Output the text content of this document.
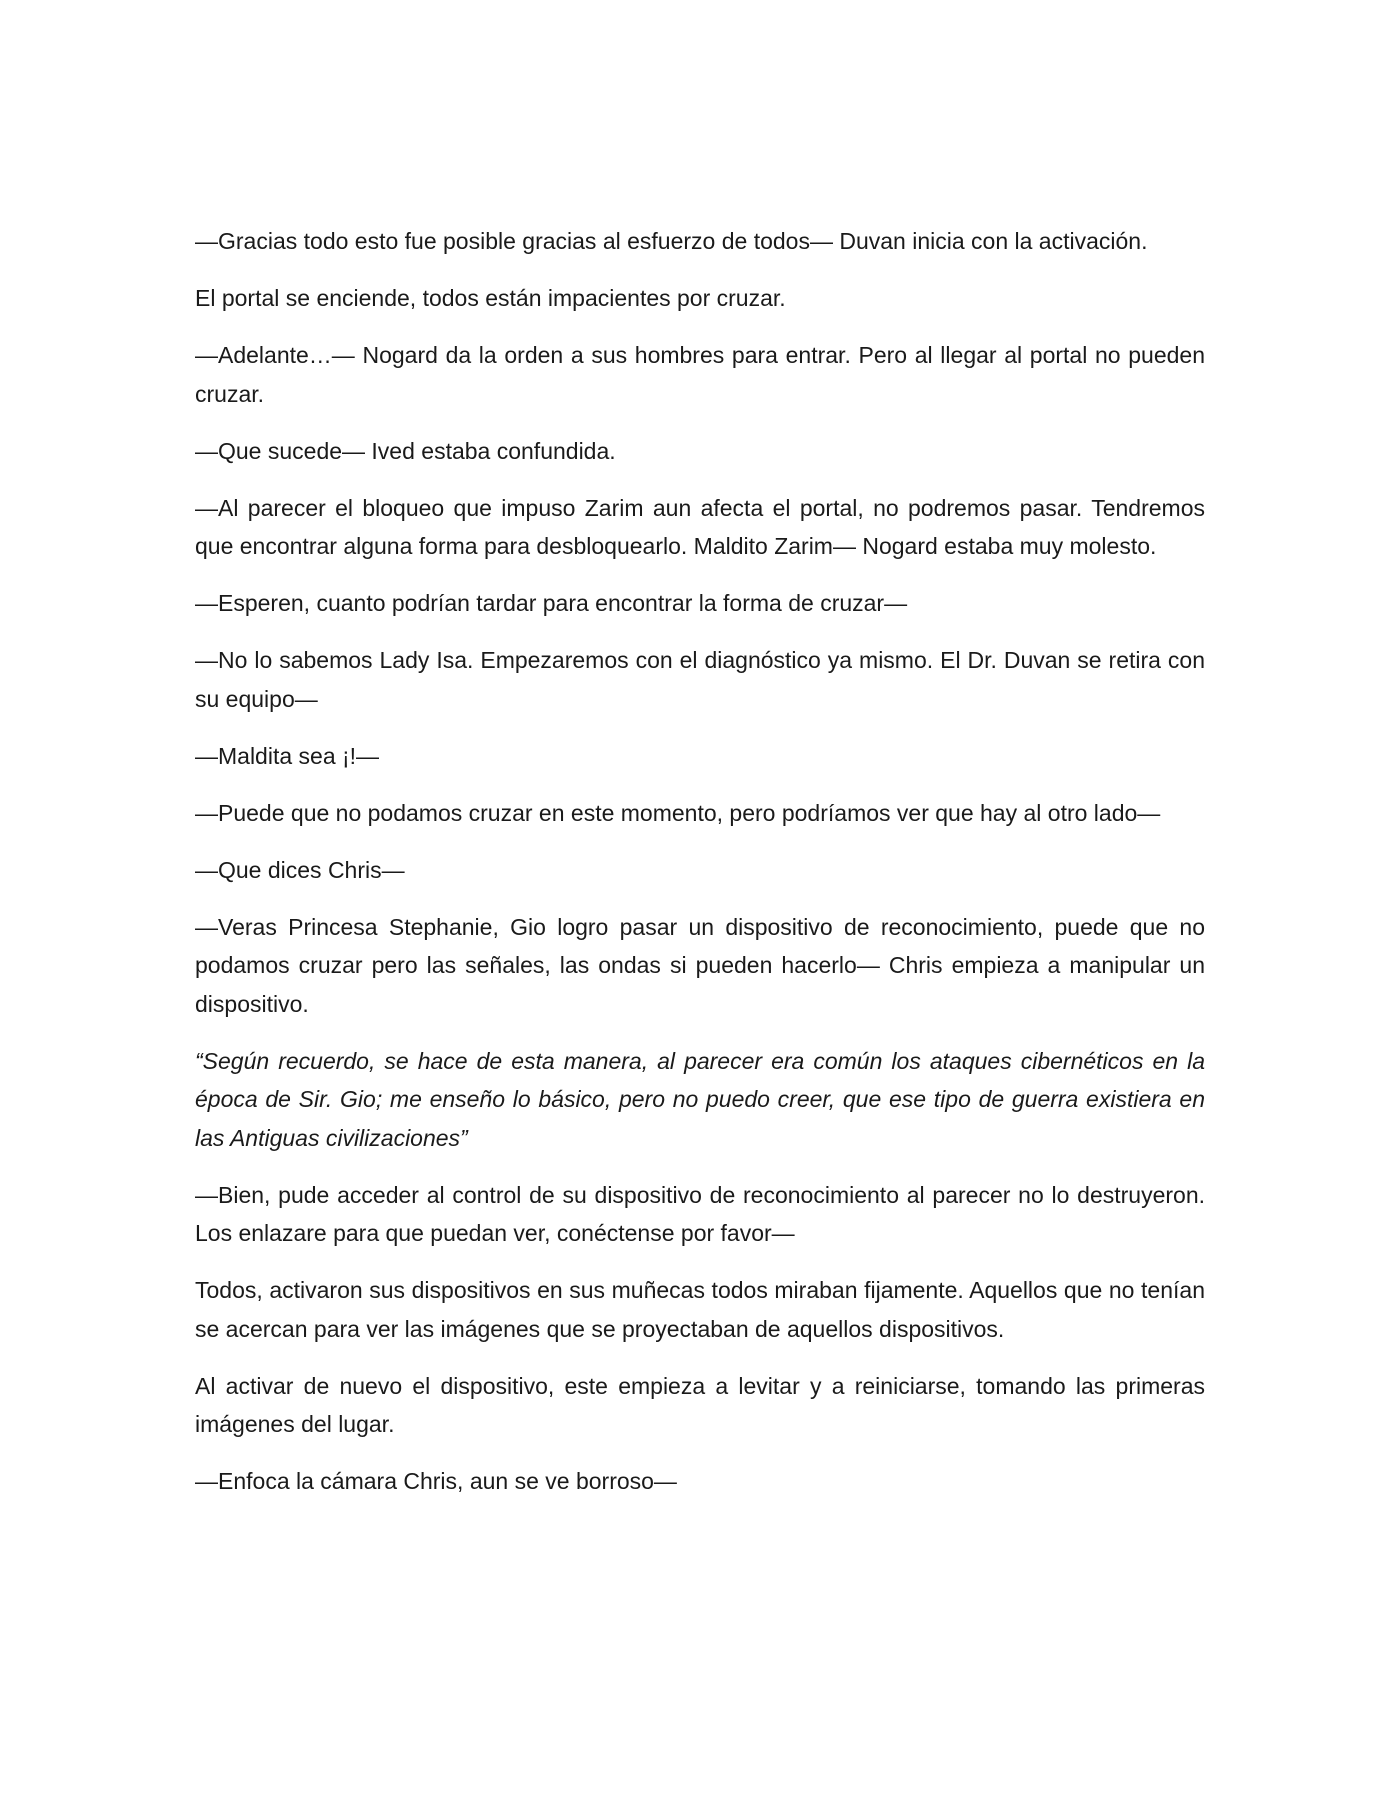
—Gracias todo esto fue posible gracias al esfuerzo de todos— Duvan inicia con la activación.

El portal se enciende, todos están impacientes por cruzar.

—Adelante…— Nogard da la orden a sus hombres para entrar. Pero al llegar al portal no pueden cruzar.

—Que sucede— Ived estaba confundida.

—Al parecer el bloqueo que impuso Zarim aun afecta el portal, no podremos pasar. Tendremos que encontrar alguna forma para desbloquearlo. Maldito Zarim— Nogard estaba muy molesto.

—Esperen, cuanto podrían tardar para encontrar la forma de cruzar—

—No lo sabemos Lady Isa. Empezaremos con el diagnóstico ya mismo. El Dr. Duvan se retira con su equipo—

—Maldita sea ¡!—

—Puede que no podamos cruzar en este momento, pero podríamos ver que hay al otro lado—

—Que dices Chris—

—Veras Princesa Stephanie, Gio logro pasar un dispositivo de reconocimiento, puede que no podamos cruzar pero las señales, las ondas si pueden hacerlo— Chris empieza a manipular un dispositivo.

“Según recuerdo, se hace de esta manera, al parecer era común los ataques cibernéticos en la época de Sir. Gio; me enseño lo básico, pero no puedo creer, que ese tipo de guerra existiera en las Antiguas civilizaciones”

—Bien, pude acceder al control de su dispositivo de reconocimiento al parecer no lo destruyeron. Los enlazare para que puedan ver, conéctense por favor—

Todos, activaron sus dispositivos en sus muñecas todos miraban fijamente. Aquellos que no tenían se acercan para ver las imágenes que se proyectaban de aquellos dispositivos.

Al activar de nuevo el dispositivo, este empieza a levitar y a reiniciarse, tomando las primeras imágenes del lugar.

—Enfoca la cámara Chris, aun se ve borroso—
